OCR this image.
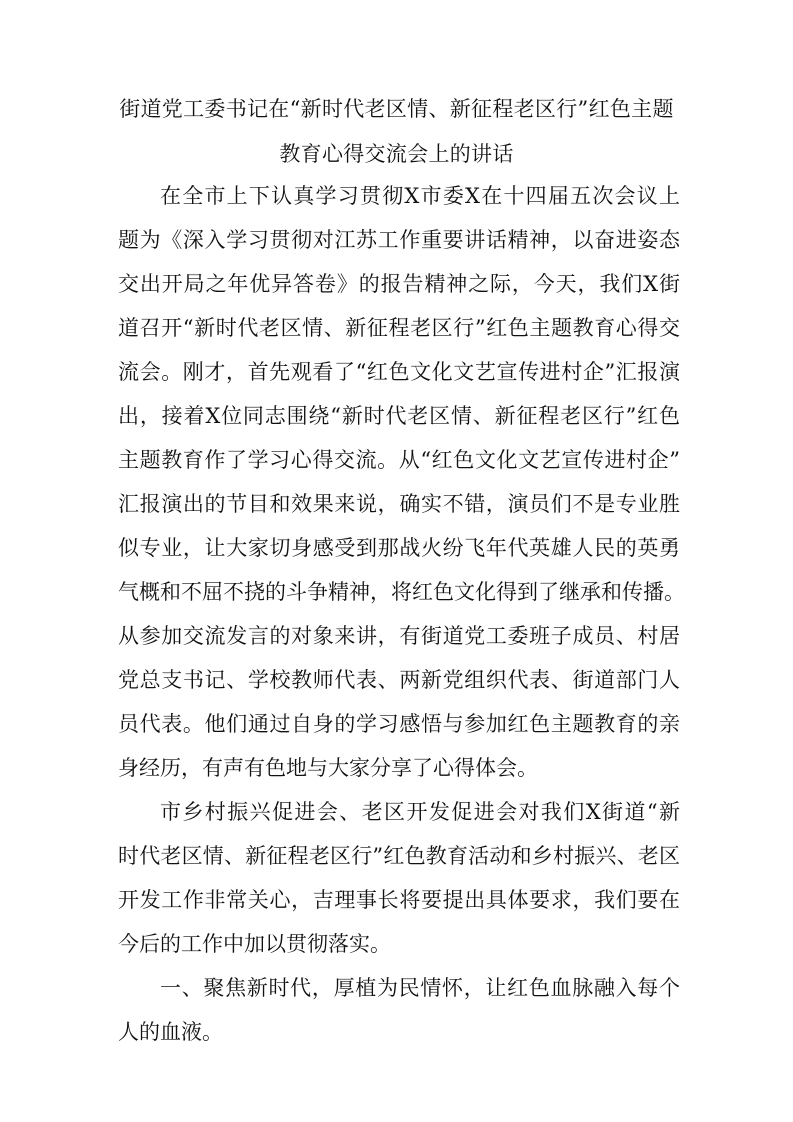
街道党工委书记在“新时代老区情、新征程老区行”红色主题
教育心得交流会上的讲话
在全市上下认真学习贯彻X市委X在十四届五次会议上
题为《深入学习贯彻对江苏工作重要讲话精神，以奋进姿态
交出开局之年优异答卷》的报告精神之际，今天，我们X街
道召开“新时代老区情、新征程老区行”红色主题教育心得交
流会。刚才，首先观看了“红色文化文艺宣传进村企”汇报演
出，接着X位同志围绕“新时代老区情、新征程老区行”红色
主题教育作了学习心得交流。从“红色文化文艺宣传进村企”
汇报演出的节目和效果来说，确实不错，演员们不是专业胜
似专业，让大家切身感受到那战火纷飞年代英雄人民的英勇
气概和不屈不挠的斗争精神，将红色文化得到了继承和传播。
从参加交流发言的对象来讲，有街道党工委班子成员、村居
党总支书记、学校教师代表、两新党组织代表、街道部门人
员代表。他们通过自身的学习感悟与参加红色主题教育的亲
身经历，有声有色地与大家分享了心得体会。
市乡村振兴促进会、老区开发促进会对我们X街道“新
时代老区情、新征程老区行”红色教育活动和乡村振兴、老区
开发工作非常关心，吉理事长将要提出具体要求，我们要在
今后的工作中加以贯彻落实。
一、聚焦新时代，厚植为民情怀，让红色血脉融入每个
人的血液。
